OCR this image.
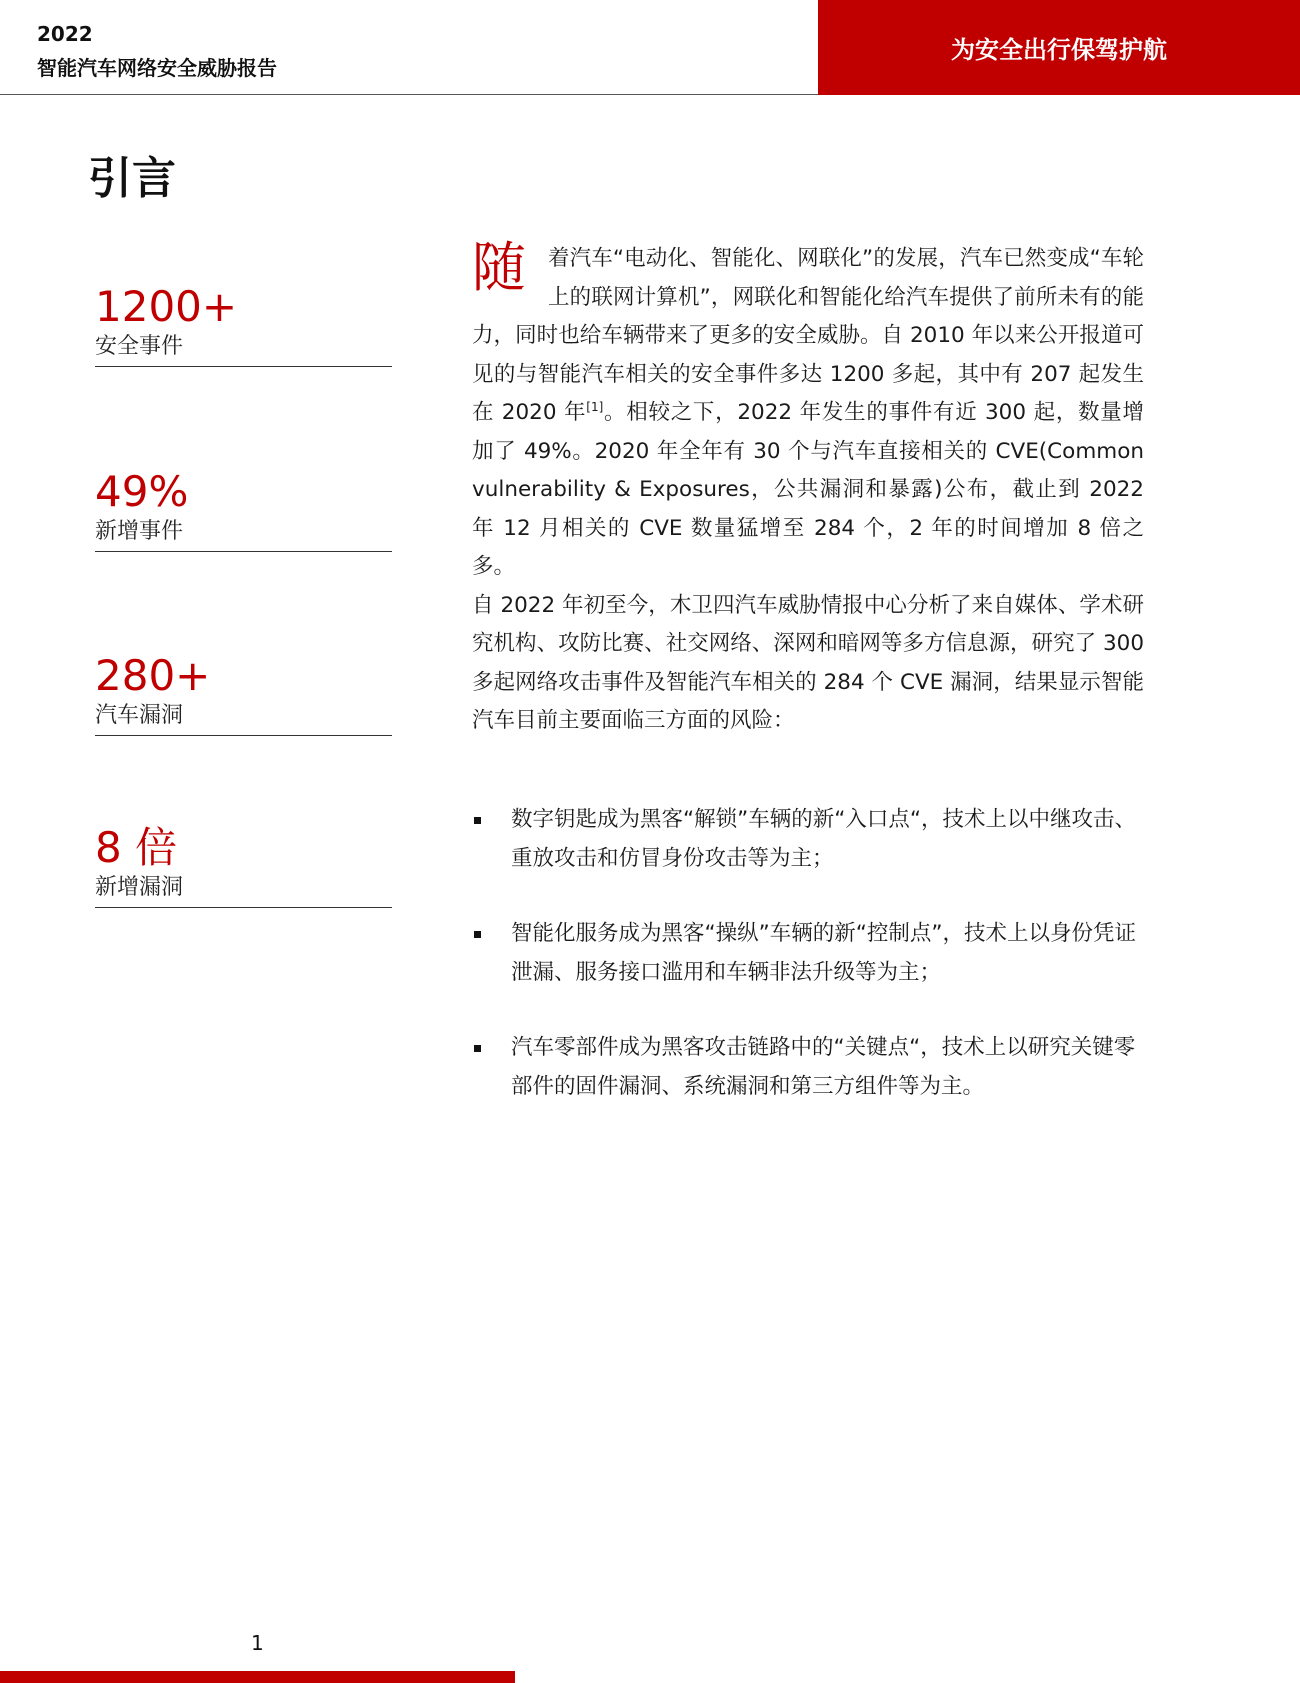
2022
智能汽车网络安全威胁报告
为安全出行保驾护航
引言
1200+
安全事件
49%
新增事件
280+
汽车漏洞
8 倍
新增漏洞
随	着汽车“电动化、智能化、网联化”的发展，汽车已然变成“车轮上的联网计算机”，网联化和智能化给汽车提供了前所未有的能力，同时也给车辆带来了更多的安全威胁。自 2010 年以来公开报道可见的与智能汽车相关的安全事件多达 1200 多起，其中有 207 起发生在 2020 年[1]。相较之下，2022 年发生的事件有近 300 起，数量增加了 49%。2020 年全年有 30 个与汽车直接相关的 CVE(Common vulnerability & Exposures，公共漏洞和暴露)公布，截止到 2022 年 12 月相关的 CVE 数量猛增至 284 个，2 年的时间增加 8 倍之多。

自 2022 年初至今，木卫四汽车威胁情报中心分析了来自媒体、学术研究机构、攻防比赛、社交网络、深网和暗网等多方信息源，研究了 300 多起网络攻击事件及智能汽车相关的 284 个 CVE 漏洞，结果显示智能汽车目前主要面临三方面的风险：

数字钥匙成为黑客“解锁”车辆的新“入口点“，技术上以中继攻击、重放攻击和仿冒身份攻击等为主；
智能化服务成为黑客“操纵”车辆的新“控制点”，技术上以身份凭证泄漏、服务接口滥用和车辆非法升级等为主；
汽车零部件成为黑客攻击链路中的“关键点“，技术上以研究关键零部件的固件漏洞、系统漏洞和第三方组件等为主。
1
